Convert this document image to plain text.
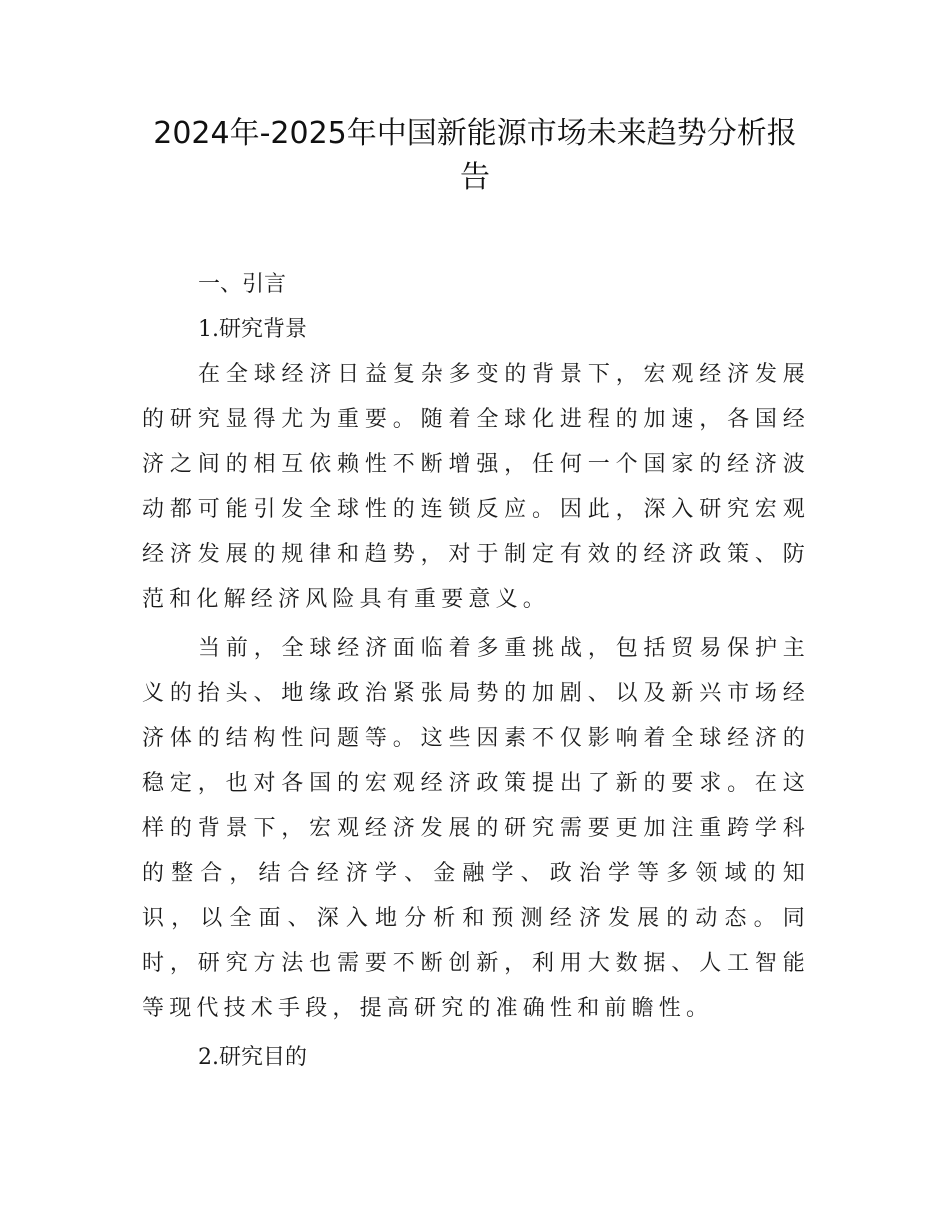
2024年-2025年中国新能源市场未来趋势分析报
告

一、引言

1.研究背景

在全球经济日益复杂多变的背景下，宏观经济发展的研究显得尤为重要。随着全球化进程的加速，各国经济之间的相互依赖性不断增强，任何一个国家的经济波动都可能引发全球性的连锁反应。因此，深入研究宏观经济发展的规律和趋势，对于制定有效的经济政策、防范和化解经济风险具有重要意义。

当前，全球经济面临着多重挑战，包括贸易保护主义的抬头、地缘政治紧张局势的加剧、以及新兴市场经济体的结构性问题等。这些因素不仅影响着全球经济的稳定，也对各国的宏观经济政策提出了新的要求。在这样的背景下，宏观经济发展的研究需要更加注重跨学科的整合，结合经济学、金融学、政治学等多领域的知识，以全面、深入地分析和预测经济发展的动态。同时，研究方法也需要不断创新，利用大数据、人工智能等现代技术手段，提高研究的准确性和前瞻性。

2.研究目的
